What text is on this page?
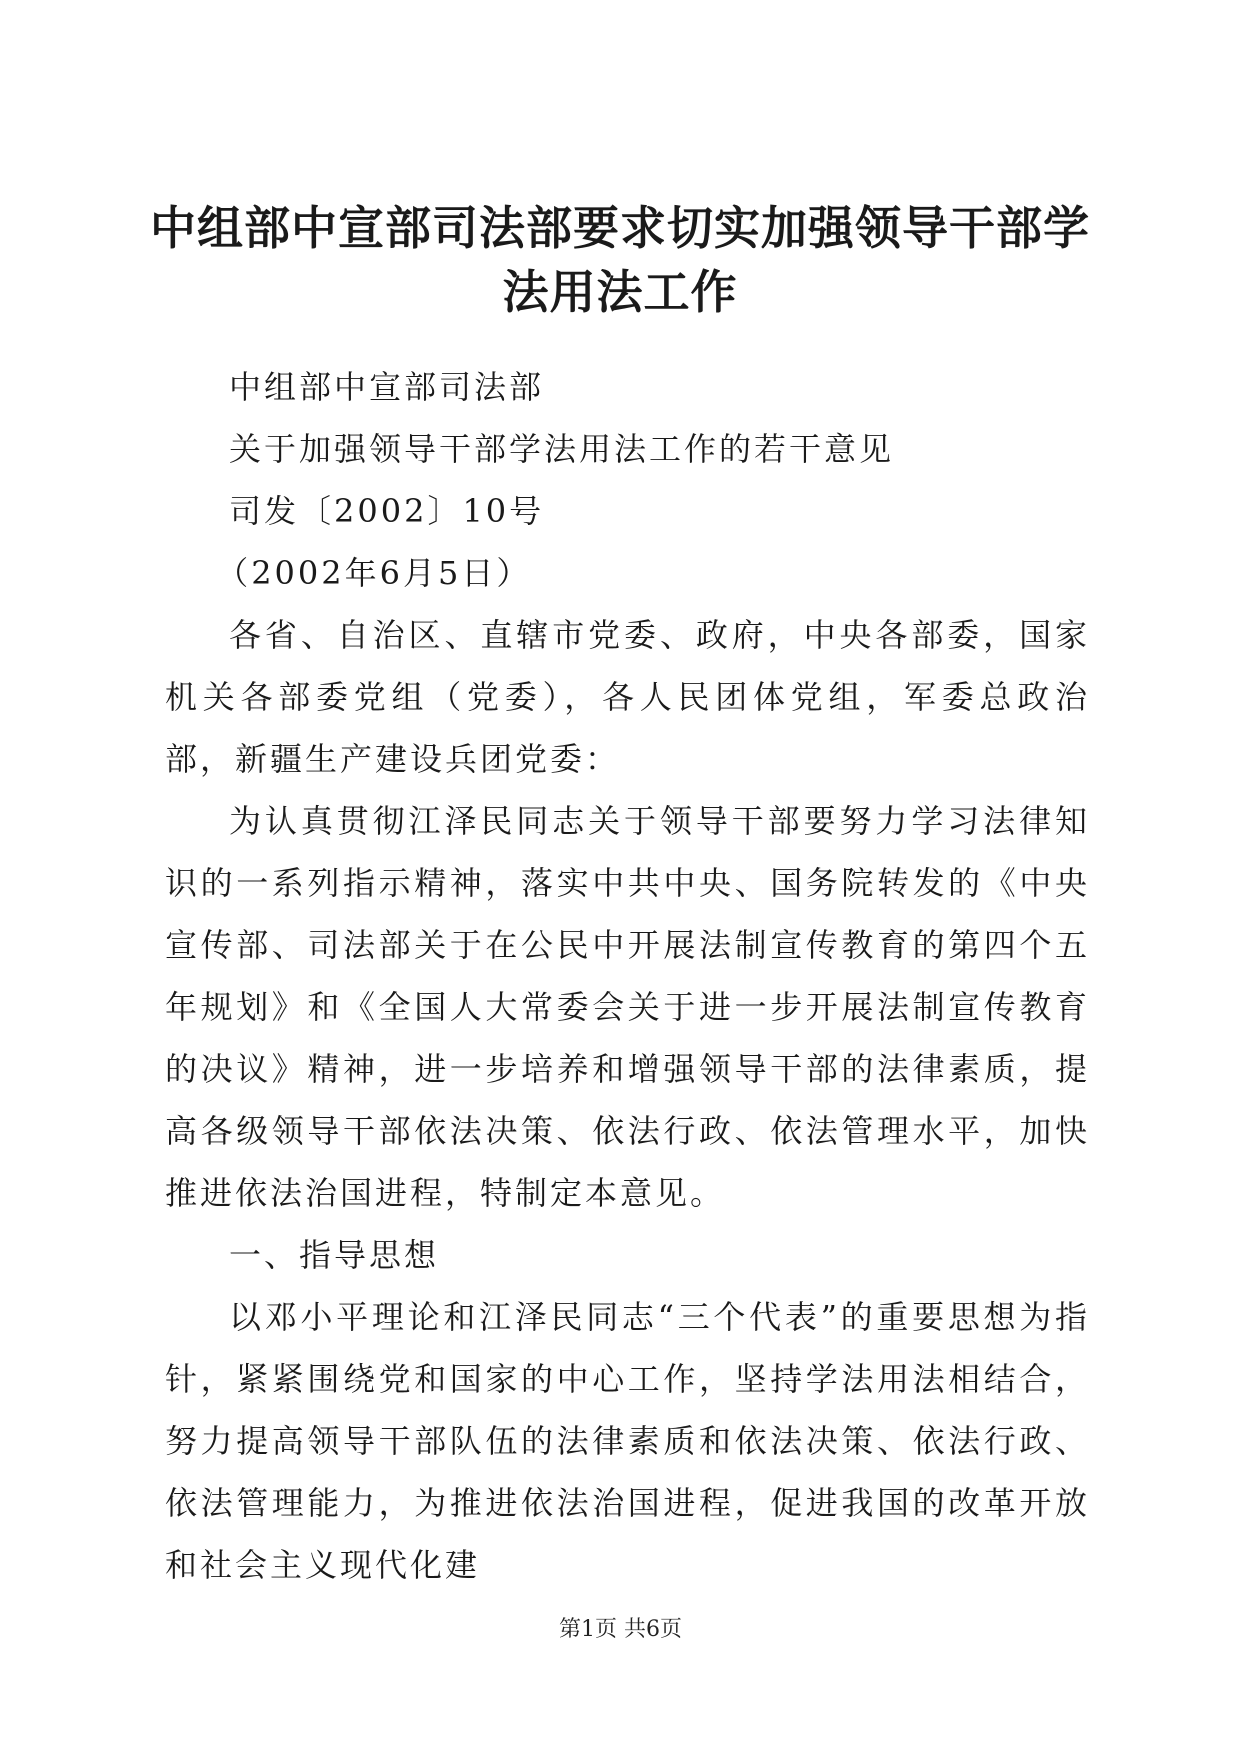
中组部中宣部司法部要求切实加强领导干部学法用法工作

中组部中宣部司法部

关于加强领导干部学法用法工作的若干意见

司发〔2002〕10号

（2002年6月5日）

各省、自治区、直辖市党委、政府，中央各部委，国家机关各部委党组（党委），各人民团体党组，军委总政治部，新疆生产建设兵团党委：

为认真贯彻江泽民同志关于领导干部要努力学习法律知识的一系列指示精神，落实中共中央、国务院转发的《中央宣传部、司法部关于在公民中开展法制宣传教育的第四个五年规划》和《全国人大常委会关于进一步开展法制宣传教育的决议》精神，进一步培养和增强领导干部的法律素质，提高各级领导干部依法决策、依法行政、依法管理水平，加快推进依法治国进程，特制定本意见。

一、指导思想

以邓小平理论和江泽民同志“三个代表”的重要思想为指针，紧紧围绕党和国家的中心工作，坚持学法用法相结合，努力提高领导干部队伍的法律素质和依法决策、依法行政、依法管理能力，为推进依法治国进程，促进我国的改革开放和社会主义现代化建

第1页 共6页
